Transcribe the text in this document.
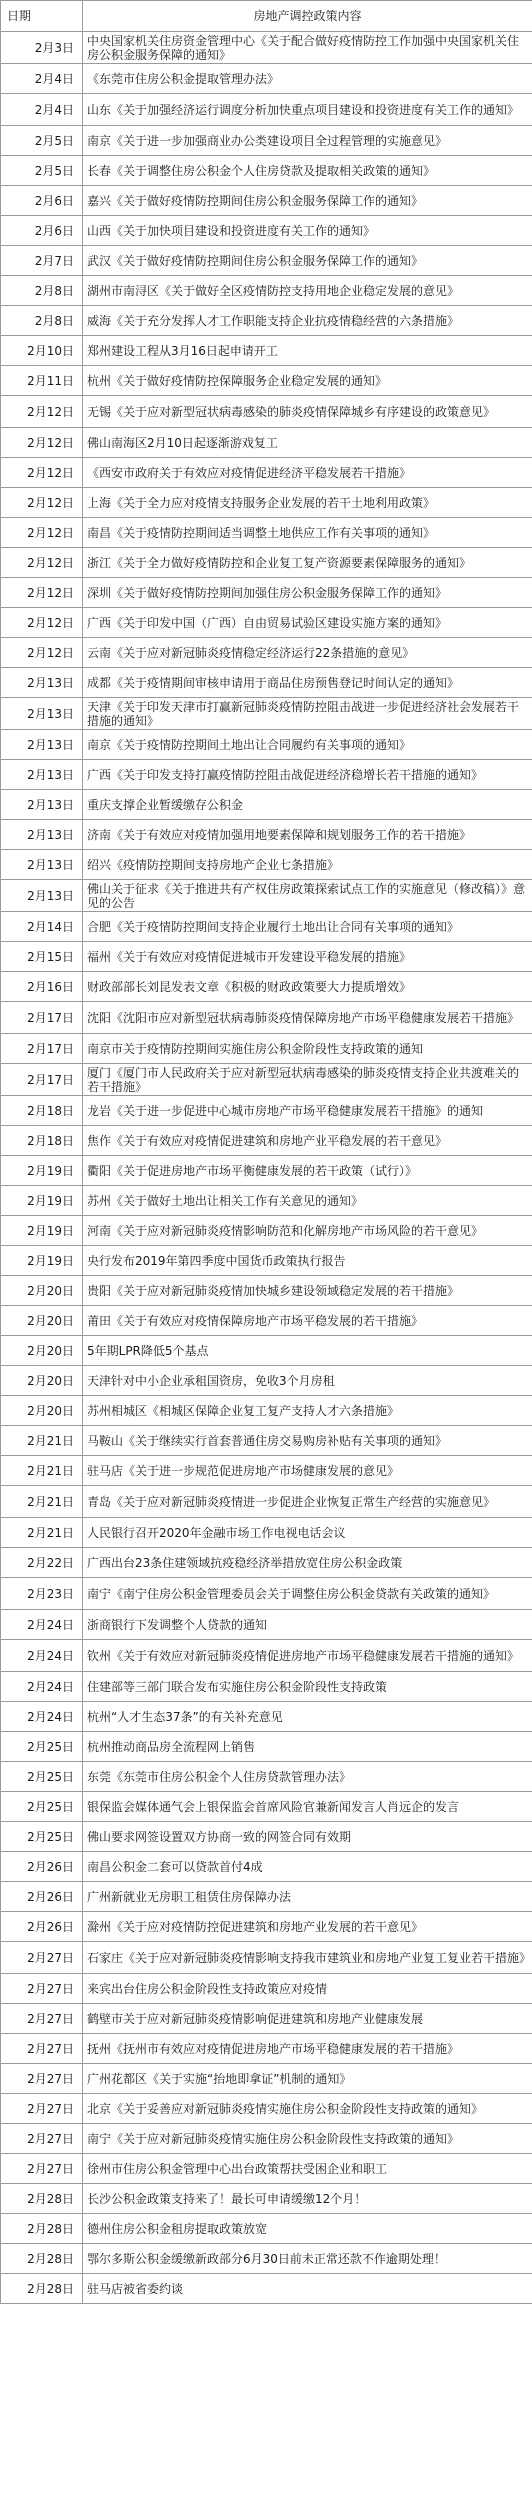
日期	房地产调控政策内容
2月3日	中央国家机关住房资金管理中心《关于配合做好疫情防控工作加强中央国家机关住房公积金服务保障的通知》
2月4日	《东莞市住房公积金提取管理办法》
2月4日	山东《关于加强经济运行调度分析加快重点项目建设和投资进度有关工作的通知》
2月5日	南京《关于进一步加强商业办公类建设项目全过程管理的实施意见》
2月5日	长春《关于调整住房公积金个人住房贷款及提取相关政策的通知》
2月6日	嘉兴《关于做好疫情防控期间住房公积金服务保障工作的通知》
2月6日	山西《关于加快项目建设和投资进度有关工作的通知》
2月7日	武汉《关于做好疫情防控期间住房公积金服务保障工作的通知》
2月8日	湖州市南浔区《关于做好全区疫情防控支持用地企业稳定发展的意见》
2月8日	威海《关于充分发挥人才工作职能支持企业抗疫情稳经营的六条措施》
2月10日	郑州建设工程从3月16日起申请开工
2月11日	杭州《关于做好疫情防控保障服务企业稳定发展的通知》
2月12日	无锡《关于应对新型冠状病毒感染的肺炎疫情保障城乡有序建设的政策意见》
2月12日	佛山南海区2月10日起逐渐游戏复工
2月12日	《西安市政府关于有效应对疫情促进经济平稳发展若干措施》
2月12日	上海《关于全力应对疫情支持服务企业发展的若干土地利用政策》
2月12日	南昌《关于疫情防控期间适当调整土地供应工作有关事项的通知》
2月12日	浙江《关于全力做好疫情防控和企业复工复产资源要素保障服务的通知》
2月12日	深圳《关于做好疫情防控期间加强住房公积金服务保障工作的通知》
2月12日	广西《关于印发中国（广西）自由贸易试验区建设实施方案的通知》
2月12日	云南《关于应对新冠肺炎疫情稳定经济运行22条措施的意见》
2月13日	成都《关于疫情期间审核申请用于商品住房预售登记时间认定的通知》
2月13日	天津《关于印发天津市打赢新冠肺炎疫情防控阻击战进一步促进经济社会发展若干措施的通知》
2月13日	南京《关于疫情防控期间土地出让合同履约有关事项的通知》
2月13日	广西《关于印发支持打赢疫情防控阻击战促进经济稳增长若干措施的通知》
2月13日	重庆支撑企业暂缓缴存公积金
2月13日	济南《关于有效应对疫情加强用地要素保障和规划服务工作的若干措施》
2月13日	绍兴《疫情防控期间支持房地产企业七条措施》
2月13日	佛山关于征求《关于推进共有产权住房政策探索试点工作的实施意见（修改稿）》意见的公告
2月14日	合肥《关于疫情防控期间支持企业履行土地出让合同有关事项的通知》
2月15日	福州《关于有效应对疫情促进城市开发建设平稳发展的措施》
2月16日	财政部部长刘昆发表文章《积极的财政政策要大力提质增效》
2月17日	沈阳《沈阳市应对新型冠状病毒肺炎疫情保障房地产市场平稳健康发展若干措施》
2月17日	南京市关于疫情防控期间实施住房公积金阶段性支持政策的通知
2月17日	厦门《厦门市人民政府关于应对新型冠状病毒感染的肺炎疫情支持企业共渡难关的若干措施》
2月18日	龙岩《关于进一步促进中心城市房地产市场平稳健康发展若干措施》的通知
2月18日	焦作《关于有效应对疫情促进建筑和房地产业平稳发展的若干意见》
2月19日	衢阳《关于促进房地产市场平衡健康发展的若干政策（试行）》
2月19日	苏州《关于做好土地出让相关工作有关意见的通知》
2月19日	河南《关于应对新冠肺炎疫情影响防范和化解房地产市场风险的若干意见》
2月19日	央行发布2019年第四季度中国货币政策执行报告
2月20日	贵阳《关于应对新冠肺炎疫情加快城乡建设领域稳定发展的若干措施》
2月20日	莆田《关于有效应对疫情保障房地产市场平稳发展的若干措施》
2月20日	5年期LPR降低5个基点
2月20日	天津针对中小企业承租国资房，免收3个月房租
2月20日	苏州相城区《相城区保障企业复工复产支持人才六条措施》
2月21日	马鞍山《关于继续实行首套普通住房交易购房补贴有关事项的通知》
2月21日	驻马店《关于进一步规范促进房地产市场健康发展的意见》
2月21日	青岛《关于应对新冠肺炎疫情进一步促进企业恢复正常生产经营的实施意见》
2月21日	人民银行召开2020年金融市场工作电视电话会议
2月22日	广西出台23条住建领域抗疫稳经济举措放宽住房公积金政策
2月23日	南宁《南宁住房公积金管理委员会关于调整住房公积金贷款有关政策的通知》
2月24日	浙商银行下发调整个人贷款的通知
2月24日	钦州《关于有效应对新冠肺炎疫情促进房地产市场平稳健康发展若干措施的通知》
2月24日	住建部等三部门联合发布实施住房公积金阶段性支持政策
2月24日	杭州“人才生态37条”的有关补充意见
2月25日	杭州推动商品房全流程网上销售
2月25日	东莞《东莞市住房公积金个人住房贷款管理办法》
2月25日	银保监会媒体通气会上银保监会首席风险官兼新闻发言人肖远企的发言
2月25日	佛山要求网签设置双方协商一致的网签合同有效期
2月26日	南昌公积金二套可以贷款首付4成
2月26日	广州新就业无房职工租赁住房保障办法
2月26日	滁州《关于应对疫情防控促进建筑和房地产业发展的若干意见》
2月27日	石家庄《关于应对新冠肺炎疫情影响支持我市建筑业和房地产业复工复业若干措施》
2月27日	来宾出台住房公积金阶段性支持政策应对疫情
2月27日	鹤壁市关于应对新冠肺炎疫情影响促进建筑和房地产业健康发展
2月27日	抚州《抚州市有效应对疫情促进房地产市场平稳健康发展的若干措施》
2月27日	广州花都区《关于实施“抬地即拿证”机制的通知》
2月27日	北京《关于妥善应对新冠肺炎疫情实施住房公积金阶段性支持政策的通知》
2月27日	南宁《关于应对新冠肺炎疫情实施住房公积金阶段性支持政策的通知》
2月27日	徐州市住房公积金管理中心出台政策帮扶受困企业和职工
2月28日	长沙公积金政策支持来了！最长可申请缓缴12个月！
2月28日	德州住房公积金租房提取政策放宽
2月28日	鄂尔多斯公积金缓缴新政部分6月30日前未正常还款不作逾期处理！
2月28日	驻马店被省委约谈
